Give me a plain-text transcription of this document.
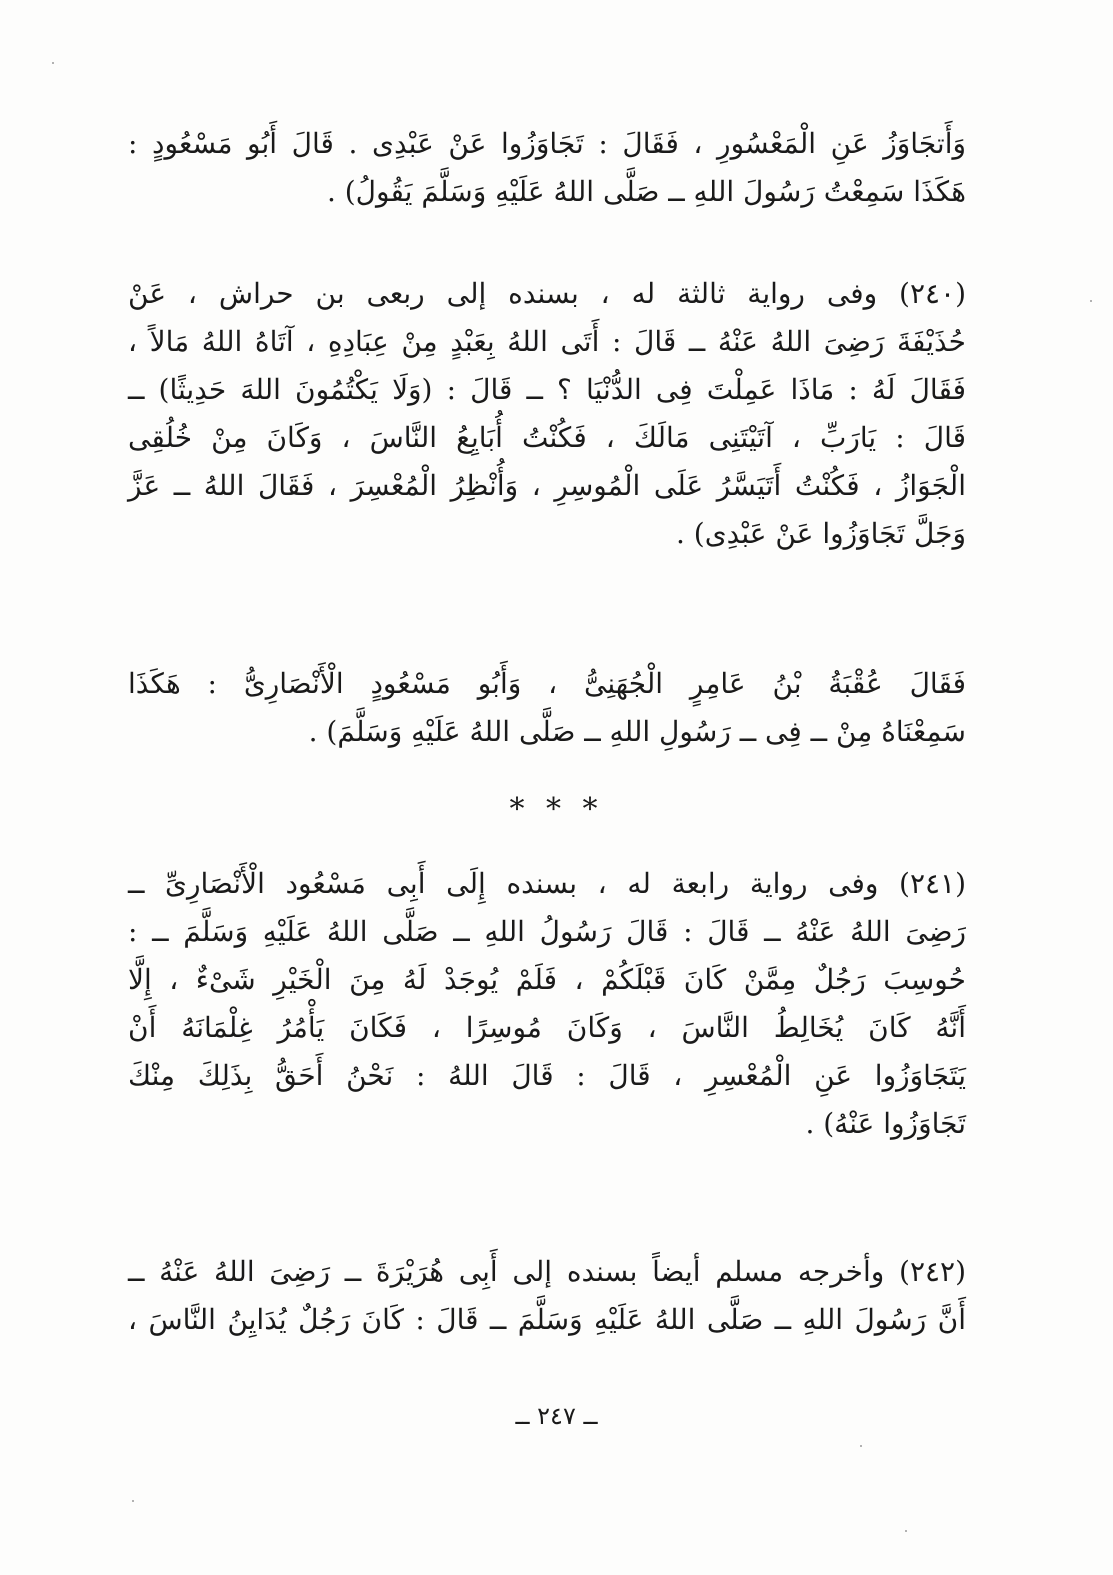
وَأَتجَاوَزُ عَنِ الْمَعْسُورِ ، فَقَالَ : تَجَاوَزُوا عَنْ عَبْدِى . قَالَ أَبُو مَسْعُودٍ :
هَكَذَا سَمِعْتُ رَسُولَ اللهِ ــ صَلَّى اللهُ عَلَيْهِ وَسَلَّمَ يَقُولُ) .
(٢٤٠) وفى رواية ثالثة له ، بسنده إلى ربعى بن حراش ، عَنْ
حُذَيْفَةَ رَضِىَ اللهُ عَنْهُ ــ قَالَ : أَتَى اللهُ بِعَبْدٍ مِنْ عِبَادِهِ ، آتَاهُ اللهُ مَالاً ،
فَقَالَ لَهُ : مَاذَا عَمِلْتَ فِى الدُّنْيَا ؟ ــ قَالَ : (وَلَا يَكْتُمُونَ اللهَ حَدِيثًا) ــ
قَالَ : يَارَبِّ ، آتَيْتَنِى مَالَكَ ، فَكُنْتُ أُبَايِعُ النَّاسَ ، وَكَانَ مِنْ خُلُقِى
الْجَوَازُ ، فَكُنْتُ أَتَيَسَّرُ عَلَى الْمُوسِرِ ، وَأُنْظِرُ الْمُعْسِرَ ، فَقَالَ اللهُ ــ عَزَّ
وَجَلَّ تَجَاوَزُوا عَنْ عَبْدِى) .
فَقَالَ عُقْبَةُ بْنُ عَامِرٍ الْجُهَنِىُّ ، وَأَبُو مَسْعُودٍ الْأَنْصَارِىُّ : هَكَذَا
سَمِعْنَاهُ مِنْ ــ فِى ــ رَسُولِ اللهِ ــ صَلَّى اللهُ عَلَيْهِ وَسَلَّمَ) .
* * *
(٢٤١) وفى رواية رابعة له ، بسنده إِلَى أَبِى مَسْعُود الْأَنْصَارِىِّ ــ
رَضِىَ اللهُ عَنْهُ ــ قَالَ : قَالَ رَسُولُ اللهِ ــ صَلَّى اللهُ عَلَيْهِ وَسَلَّمَ ــ :
حُوسِبَ رَجُلٌ مِمَّنْ كَانَ قَبْلَكُمْ ، فَلَمْ يُوجَدْ لَهُ مِنَ الْخَيْرِ شَىْءٌ ، إِلَّا
أَنَّهُ كَانَ يُخَالِطُ النَّاسَ ، وَكَانَ مُوسِرًا ، فَكَانَ يَأْمُرُ غِلْمَانَهُ أَنْ
يَتَجَاوَزُوا عَنِ الْمُعْسِرِ ، قَالَ : قَالَ اللهُ : نَحْنُ أَحَقُّ بِذَلِكَ مِنْكَ
تَجَاوَزُوا عَنْهُ) .
(٢٤٢) وأخرجه مسلم أيضاً بسنده إلى أَبِى هُرَيْرَةَ ــ رَضِىَ اللهُ عَنْهُ ــ
أَنَّ رَسُولَ اللهِ ــ صَلَّى اللهُ عَلَيْهِ وَسَلَّمَ ــ قَالَ : كَانَ رَجُلٌ يُدَايِنُ النَّاسَ ،
ــ ٢٤٧ ــ
